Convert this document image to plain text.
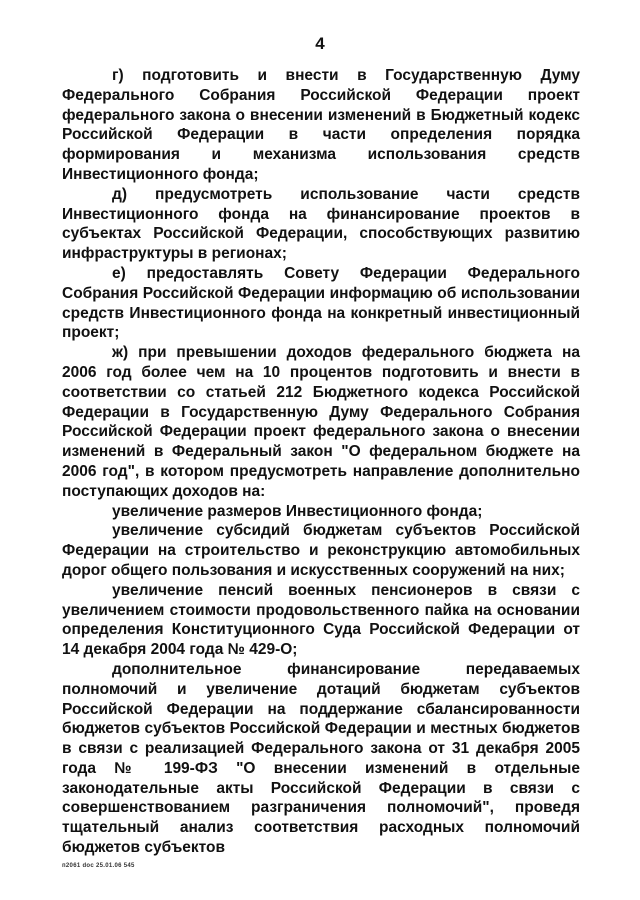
4

г) подготовить и внести в Государственную Думу Федерального Собрания Российской Федерации проект федерального закона о внесении изменений в Бюджетный кодекс Российской Федерации в части определения порядка формирования и механизма использования средств Инвестиционного фонда;

д) предусмотреть использование части средств Инвестиционного фонда на финансирование проектов в субъектах Российской Федерации, способствующих развитию инфраструктуры в регионах;

е) предоставлять Совету Федерации Федерального Собрания Российской Федерации информацию об использовании средств Инвестиционного фонда на конкретный инвестиционный проект;

ж) при превышении доходов федерального бюджета на 2006 год более чем на 10 процентов подготовить и внести в соответствии со статьей 212 Бюджетного кодекса Российской Федерации в Государственную Думу Федерального Собрания Российской Федерации проект федерального закона о внесении изменений в Федеральный закон "О федеральном бюджете на 2006 год", в котором предусмотреть направление дополнительно поступающих доходов на:

увеличение размеров Инвестиционного фонда;

увеличение субсидий бюджетам субъектов Российской Федерации на строительство и реконструкцию автомобильных дорог общего пользования и искусственных сооружений на них;

увеличение пенсий военных пенсионеров в связи с увеличением стоимости продовольственного пайка на основании определения Конституционного Суда Российской Федерации от 14 декабря 2004 года № 429-О;

дополнительное финансирование передаваемых полномочий и увеличение дотаций бюджетам субъектов Российской Федерации на поддержание сбалансированности бюджетов субъектов Российской Федерации и местных бюджетов в связи с реализацией Федерального закона от 31 декабря 2005 года № 199-ФЗ "О внесении изменений в отдельные законодательные акты Российской Федерации в связи с совершенствованием разграничения полномочий", проведя тщательный анализ соответствия расходных полномочий бюджетов субъектов

п2061 doc 25.01.06 545
